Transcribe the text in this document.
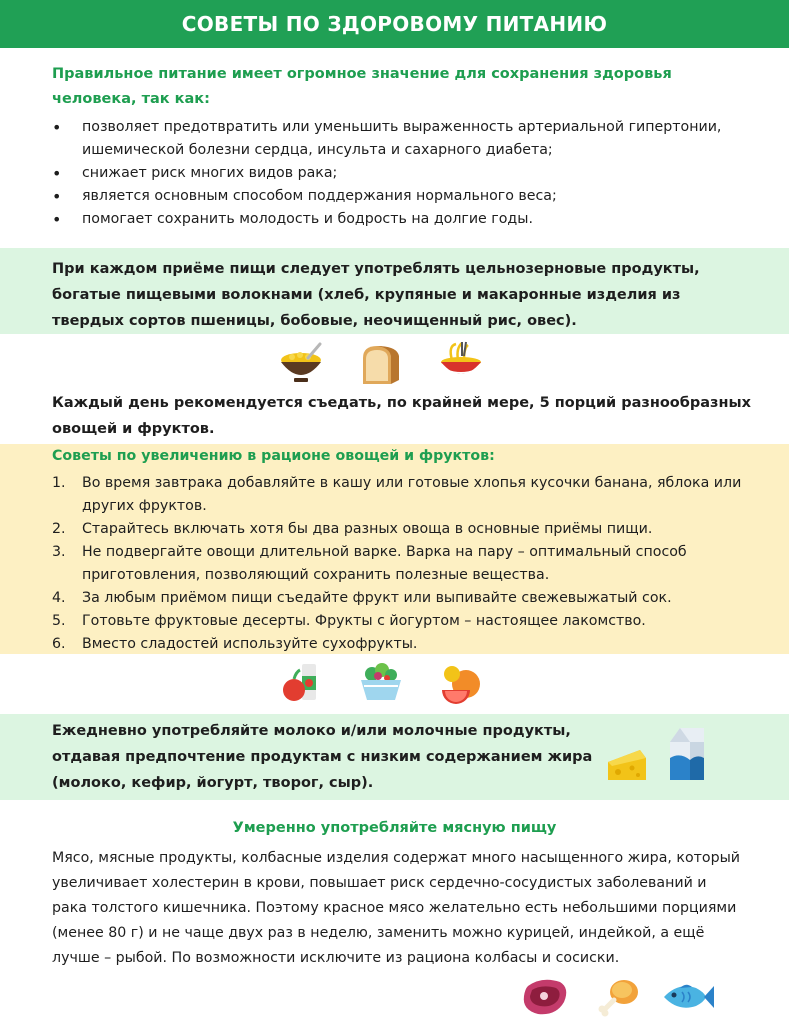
СОВЕТЫ ПО ЗДОРОВОМУ ПИТАНИЮ
Правильное питание имеет огромное значение для сохранения здоровья человека, так как:
• позволяет предотвратить или уменьшить выраженность артериальной гипертонии, ишемической болезни сердца, инсульта и сахарного диабета;
• снижает риск многих видов рака;
• является основным способом поддержания нормального веса;
• помогает сохранить молодость и бодрость на долгие годы.
При каждом приёме пищи следует употреблять цельнозерновые продукты, богатые пищевыми волокнами (хлеб, крупяные и макаронные изделия из твердых сортов пшеницы, бобовые, неочищенный рис, овес).
Каждый день рекомендуется съедать, по крайней мере, 5 порций разнообразных овощей и фруктов.
Советы по увеличению в рационе овощей и фруктов:
1. Во время завтрака добавляйте в кашу или готовые хлопья кусочки банана, яблока или других фруктов.
2. Старайтесь включать хотя бы два разных овоща в основные приёмы пищи.
3. Не подвергайте овощи длительной варке. Варка на пару – оптимальный способ приготовления, позволяющий сохранить полезные вещества.
4. За любым приёмом пищи съедайте фрукт или выпивайте свежевыжатый сок.
5. Готовьте фруктовые десерты. Фрукты с йогуртом – настоящее лакомство.
6. Вместо сладостей используйте сухофрукты.
Ежедневно употребляйте молоко и/или молочные продукты, отдавая предпочтение продуктам с низким содержанием жира (молоко, кефир, йогурт, творог, сыр).
Умеренно употребляйте мясную пищу
Мясо, мясные продукты, колбасные изделия содержат много насыщенного жира, который увеличивает холестерин в крови, повышает риск сердечно-сосудистых заболеваний и рака толстого кишечника. Поэтому красное мясо желательно есть небольшими порциями (менее 80 г) и не чаще двух раз в неделю, заменить можно курицей, индейкой, а ещё лучше – рыбой. По возможности исключите из рациона колбасы и сосиски.
